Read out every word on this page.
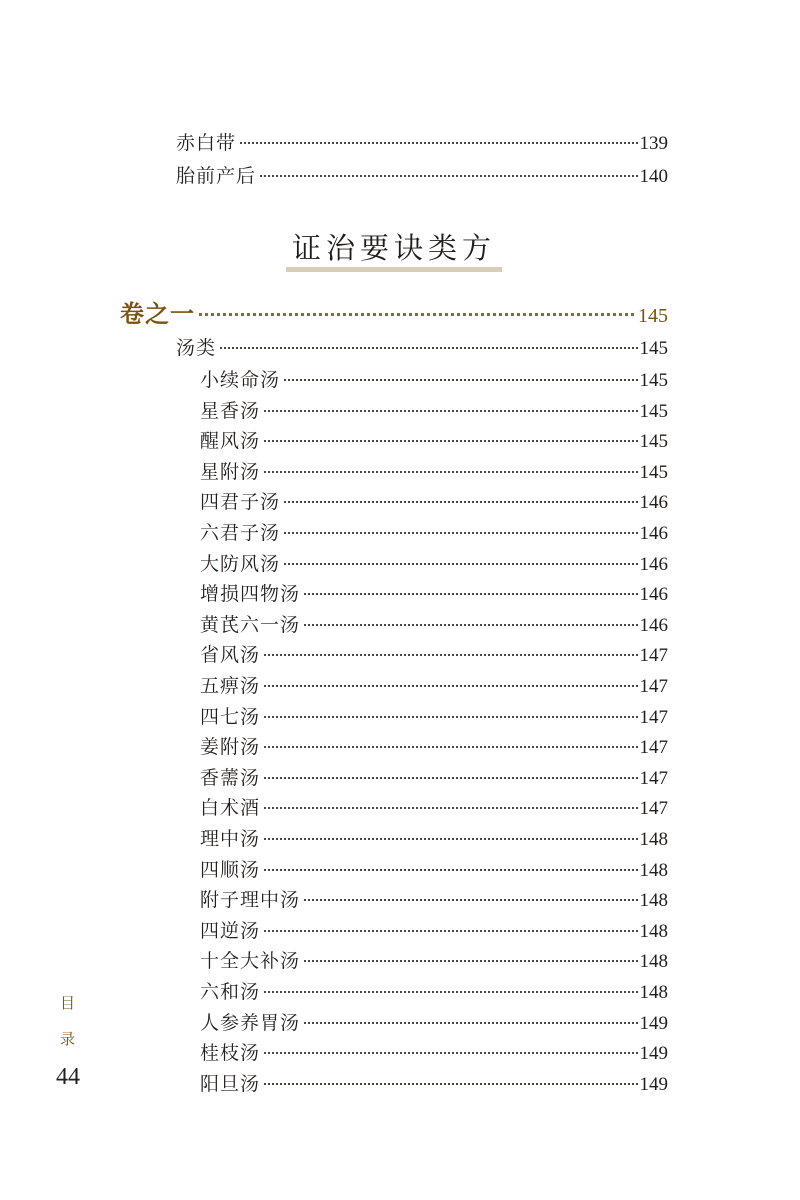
赤白带	139
胎前产后	140
证治要诀类方
卷之一	145
汤类	145
小续命汤	145
星香汤	145
醒风汤	145
星附汤	145
四君子汤	146
六君子汤	146
大防风汤	146
增损四物汤	146
黄芪六一汤	146
省风汤	147
五痹汤	147
四七汤	147
姜附汤	147
香薷汤	147
白术酒	147
理中汤	148
四顺汤	148
附子理中汤	148
四逆汤	148
十全大补汤	148
六和汤	148
人参养胃汤	149
桂枝汤	149
阳旦汤	149
目
录
44
